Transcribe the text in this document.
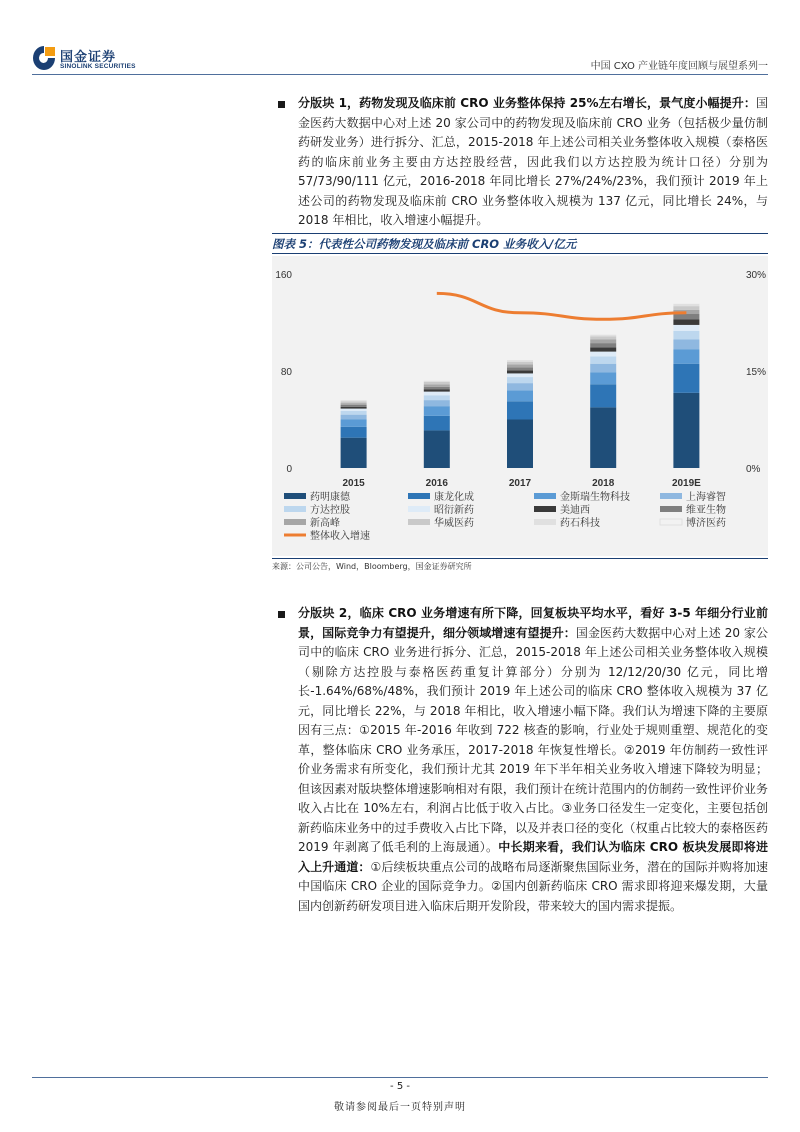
国金证券
SINOLINK SECURITIES	中国 CXO 产业链年度回顾与展望系列一
分版块 1，药物发现及临床前 CRO 业务整体保持 25%左右增长，景气度小幅提升：国金医药大数据中心对上述 20 家公司中的药物发现及临床前 CRO 业务（包括极少量仿制药研发业务）进行拆分、汇总，2015-2018 年上述公司相关业务整体收入规模（泰格医药的临床前业务主要由方达控股经营，因此我们以方达控股为统计口径）分别为 57/73/90/111 亿元，2016-2018 年同比增长 27%/24%/23%，我们预计 2019 年上述公司的药物发现及临床前 CRO 业务整体收入规模为 137 亿元，同比增长 24%，与 2018 年相比，收入增速小幅提升。
图表 5：代表性公司药物发现及临床前 CRO 业务收入/亿元
0
80
160
0%
15%
30%
2015	2016	2017	2018	2019E
药明康德	康龙化成	金斯瑞生物科技	上海睿智
方达控股	昭衍新药	美迪西	维亚生物
新高峰	华威医药	药石科技	博济医药
整体收入增速
来源：公司公告，Wind，Bloomberg，国金证券研究所
分版块 2，临床 CRO 业务增速有所下降，回复板块平均水平，看好 3-5 年细分行业前景，国际竞争力有望提升，细分领域增速有望提升：国金医药大数据中心对上述 20 家公司中的临床 CRO 业务进行拆分、汇总，2015-2018 年上述公司相关业务整体收入规模（剔除方达控股与泰格医药重复计算部分）分别为 12/12/20/30 亿元，同比增长-1.64%/68%/48%，我们预计 2019 年上述公司的临床 CRO 整体收入规模为 37 亿元，同比增长 22%，与 2018 年相比，收入增速小幅下降。我们认为增速下降的主要原因有三点：①2015 年-2016 年收到 722 核查的影响，行业处于规则重塑、规范化的变革，整体临床 CRO 业务承压，2017-2018 年恢复性增长。②2019 年仿制药一致性评价业务需求有所变化，我们预计尤其 2019 年下半年相关业务收入增速下降较为明显；但该因素对版块整体增速影响相对有限，我们预计在统计范围内的仿制药一致性评价业务收入占比在 10%左右，利润占比低于收入占比。③业务口径发生一定变化，主要包括创新药临床业务中的过手费收入占比下降，以及并表口径的变化（权重占比较大的泰格医药 2019 年剥离了低毛利的上海晟通）。中长期来看，我们认为临床 CRO 板块发展即将进入上升通道：①后续板块重点公司的战略布局逐渐聚焦国际业务，潜在的国际并购将加速中国临床 CRO 企业的国际竞争力。②国内创新药临床 CRO 需求即将迎来爆发期，大量国内创新药研发项目进入临床后期开发阶段，带来较大的国内需求提振。
- 5 -
敬请参阅最后一页特别声明
